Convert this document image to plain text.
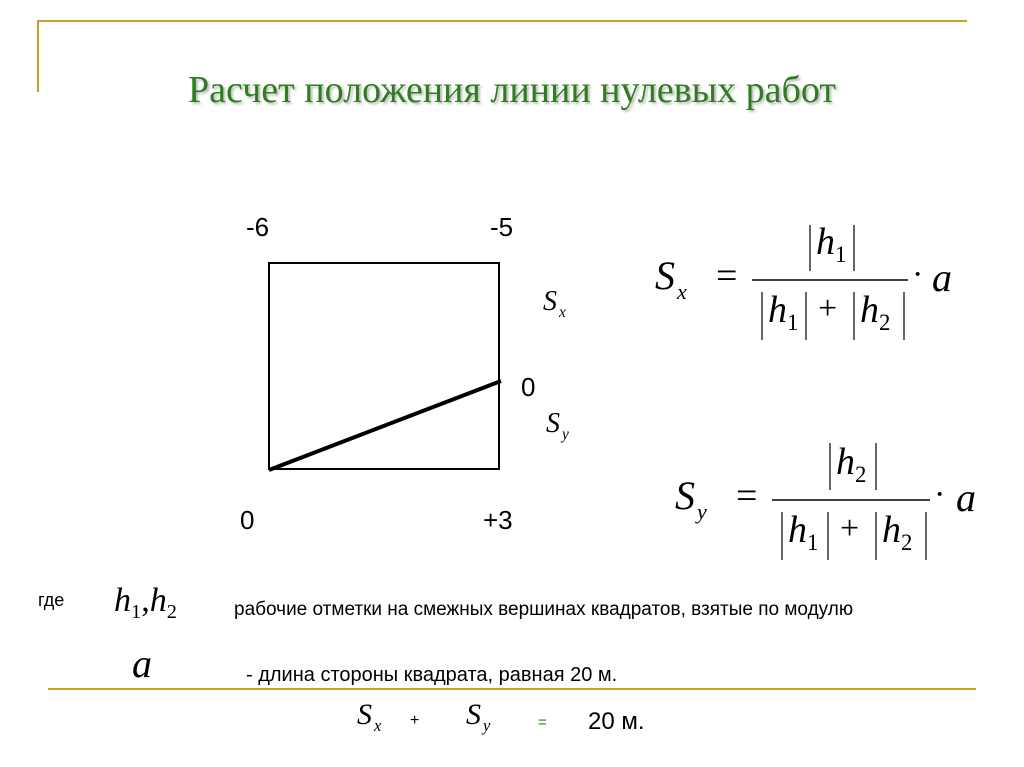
Расчет положения линии нулевых работ
-6	-5
0
0	+3
S $_x$
S $_y$
$S_x$ =
$h_1$
$h_1 + h_2$
· a
$S_y$ =
$h_2$
$h_1 + h_2$
· a
где $h_1,h_2$	рабочие отметки на смежных вершинах квадратов, взятые по модулю
a	- длина стороны квадрата, равная 20 м.
S $_x$ + S $_y$	= 20 м.
